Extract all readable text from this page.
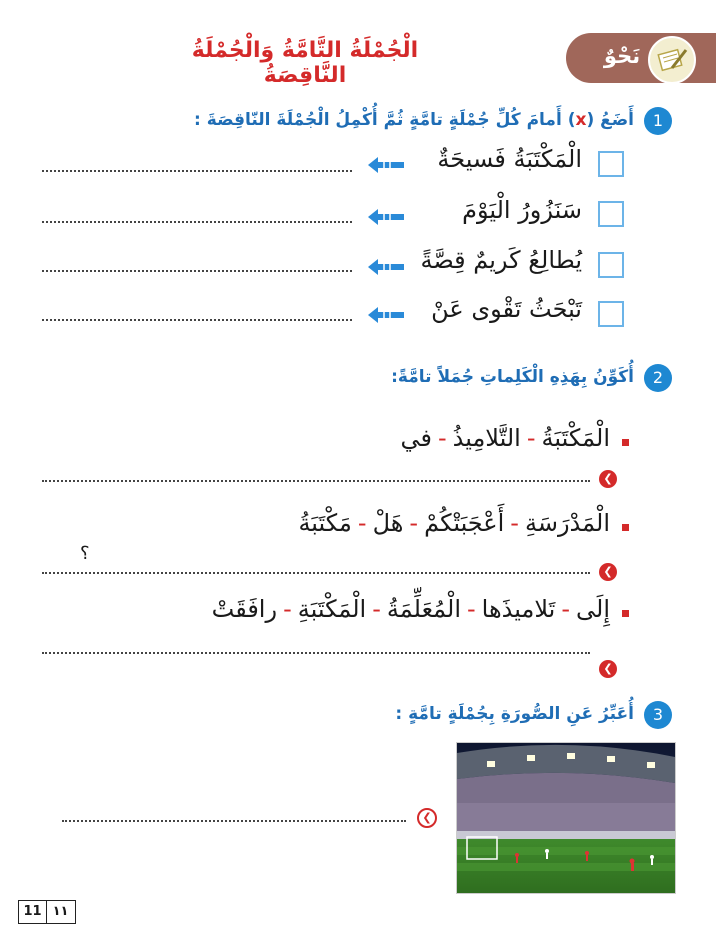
الْجُمْلَةُ التَّامَّةُ وَالْجُمْلَةُ النَّاقِصَةُ
نَحْوٌ
1
أَضَعُ (x) أَمامَ كُلِّ جُمْلَةٍ تامَّةٍ ثُمَّ أُكْمِلُ الْجُمْلَةَ النّاقِصَةَ :
الْمَكْتَبَةُ فَسيحَةٌ
سَنَزُورُ الْيَوْمَ
يُطالِعُ كَريمٌ قِصَّةً
تَبْحَثُ تَقْوى عَنْ
2
أُكَوِّنُ بِهَذِهِ الْكَلِماتِ جُمَلاً تامَّةً:
الْمَكْتَبَةُ-التَّلامِيذُ-في
❮
الْمَدْرَسَةِ-أَعْجَبَتْكُمْ-هَلْ-مَكْتَبَةُ
؟
❮
إِلَى-تَلاميذَها-الْمُعَلِّمَةُ-الْمَكْتَبَةِ-رافَقَتْ
❮
3
أُعَبِّرُ عَنِ الصُّورَةِ بِجُمْلَةٍ تامَّةٍ :
❮
11 ١١
